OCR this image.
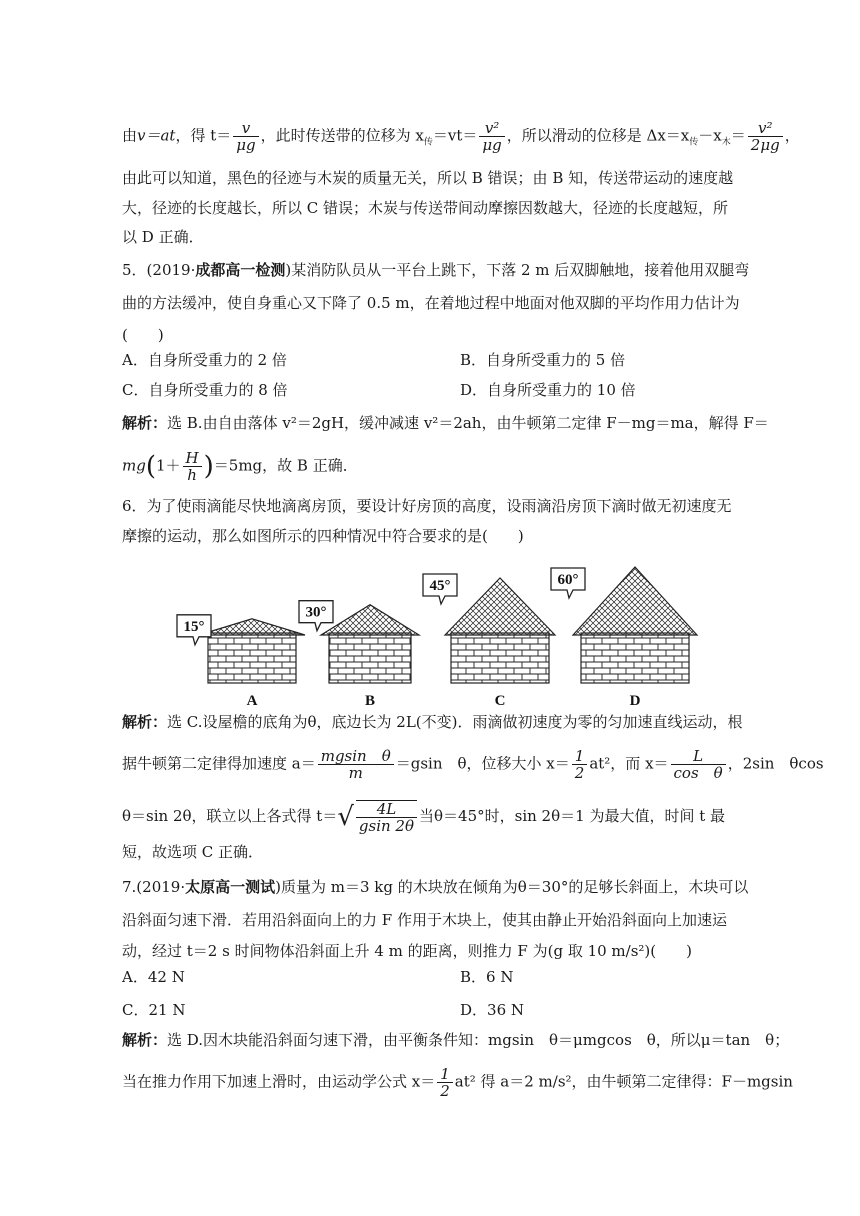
由v＝at，得 $t= \frac{v}{\mu g}$ ，此时传送带的位移为 $x_传=vt= \frac{\text{v²}}{\mu g}$ ，所以滑动的位移是 $\Delta x=x_传-x_木= \frac{\text{v²}}{2\mu g}$ ，
由此可以知道，黑色的径迹与木炭的质量无关，所以 B 错误；由 B 知，传送带运动的速度越
大，径迹的长度越长，所以 C 错误；木炭与传送带间动摩擦因数越大，径迹的长度越短，所
以 D 正确．
5．(2019·成都高一检测)某消防队员从一平台上跳下，下落 2 m 后双脚触地，接着他用双腿弯
曲的方法缓冲，使自身重心又下降了 0.5 m，在着地过程中地面对他双脚的平均作用力估计为
(　　)
A．自身所受重力的 2 倍	B．自身所受重力的 5 倍
C．自身所受重力的 8 倍	D．自身所受重力的 10 倍
解析：选 B.由自由落体 v²＝2gH，缓冲减速 v²＝2ah，由牛顿第二定律 F－mg＝ma，解得 F＝
$mg(1+ \frac{H}{h} )=5mg$，故 B 正确．
6．为了使雨滴能尽快地滴离房顶，要设计好房顶的高度，设雨滴沿房顶下滴时做无初速度无
摩擦的运动，那么如图所示的四种情况中符合要求的是(　　)
15°
A
30°
B
45°
C
60°
D
解析：选 C.设屋檐的底角为θ，底边长为 2L(不变)．雨滴做初速度为零的匀加速直线运动，根
据牛顿第二定律得加速度 $a= \frac{\text{mgsin　θ}}{m} =gsin$　θ，位移大小 $x= \frac{1}{2} at^2$，而 $x= \frac{L}{\text{cos　θ}}$ ，2sin　θcos
θ＝sin 2θ，联立以上各式得 $t=√ \frac{4L}{gsin 2\theta}$ 当θ＝45°时，sin 2θ＝1 为最大值，时间 t 最
短，故选项 C 正确．
7.(2019·太原高一测试)质量为 m＝3 kg 的木块放在倾角为θ＝30°的足够长斜面上，木块可以
沿斜面匀速下滑．若用沿斜面向上的力 F 作用于木块上，使其由静止开始沿斜面向上加速运
动，经过 t＝2 s 时间物体沿斜面上升 4 m 的距离，则推力 F 为(g 取 10 m/s²)(　　)
A．42 N	B．6 N
C．21 N	D．36 N
解析：选 D.因木块能沿斜面匀速下滑，由平衡条件知：mgsin　θ＝μmgcos　θ，所以μ＝tan　θ；
当在推力作用下加速上滑时，由运动学公式 $x= \frac{1}{2} at^2$ 得 a＝2 m/s²，由牛顿第二定律得：F－mgsin
